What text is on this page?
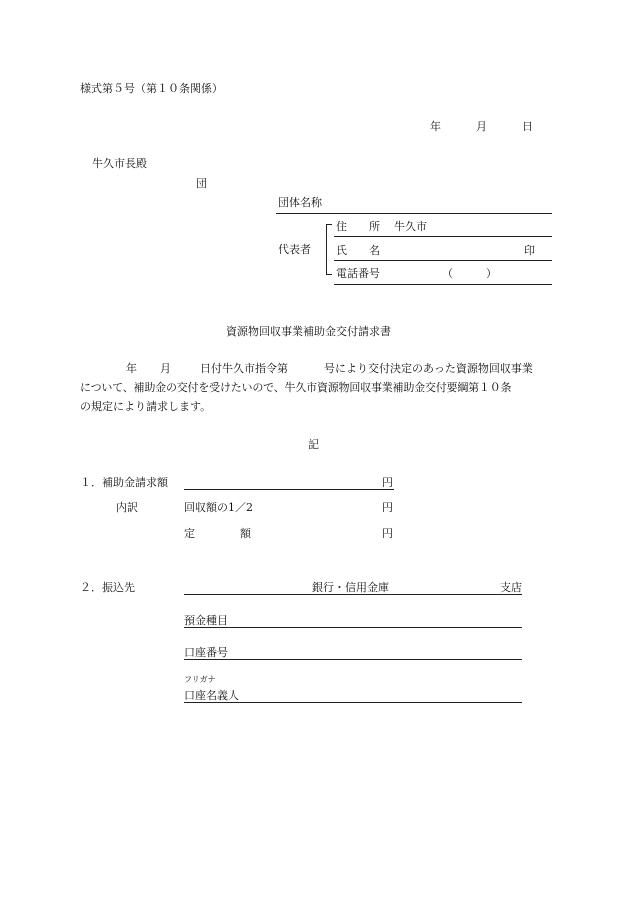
様式第５号（第１０条関係）
年	月	日
牛久市長殿
団
団体名称
代表者
住　　所 牛久市
氏　　名	印
電話番号	（　　　）
資源物回収事業補助金交付請求書
年 月	日付牛久市指令第	号により交付決定のあった資源物回収事業
について、補助金の交付を受けたいので、牛久市資源物回収事業補助金交付要綱第１０条
の規定により請求します。
記
１．補助金請求額	円
内訳	回収額の1／2	円
定	額	円
２．振込先	銀行・信用金庫	支店
預金種目
口座番号
フリガナ
口座名義人
